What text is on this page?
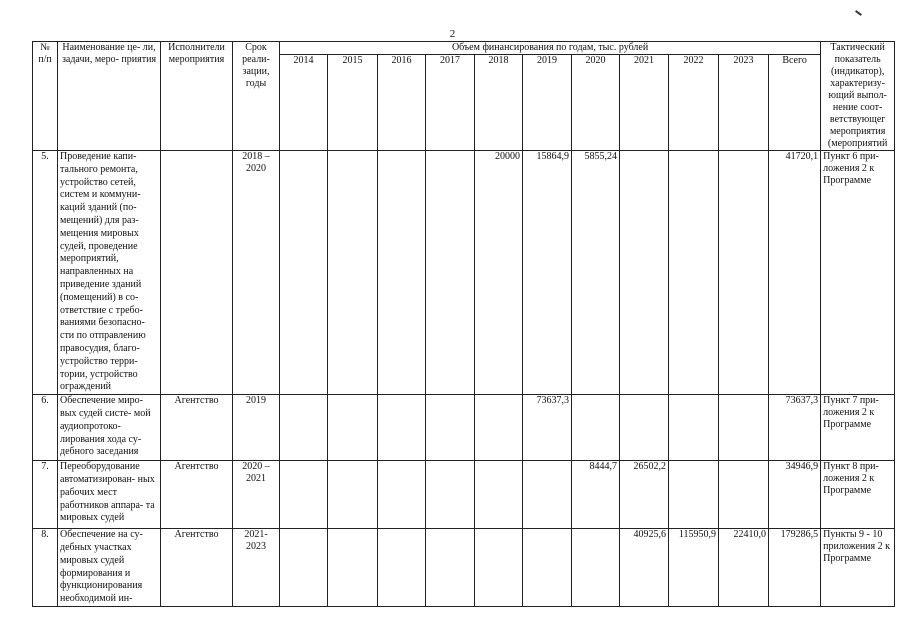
2
№ п/п	Наименование це- ли, задачи, меро- приятия	Исполнители мероприятия	Срок реали- зации, годы	Объем финансирования по годам, тыс. рублей											Тактический показатель (индикатор), характеризу- ющий выпол- нение соот- ветствующег мероприятия (мероприятий
				2014	2015	2016	2017	2018	2019	2020	2021	2022	2023	Всего	
5.	Проведение капи- тального ремонта, устройство сетей, систем и коммуни- каций зданий (по- мещений) для раз- мещения мировых судей, проведение мероприятий, направленных на приведение зданий (помещений) в со- ответствие с требо- ваниями безопасно- сти по отправлению правосудия, благо- устройство терри- тории, устройство ограждений		2018 – 2020					20000	15864,9	5855,24				41720,1	Пункт 6 при- ложения 2 к Программе
6.	Обеспечение миро- вых судей систе- мой аудиопротоко- лирования хода су- дебного заседания	Агентство	2019						73637,3					73637,3	Пункт 7 при- ложения 2 к Программе
7.	Переоборудование автоматизирован- ных рабочих мест работников аппара- та мировых судей	Агентство	2020 – 2021							8444,7	26502,2			34946,9	Пункт 8 при- ложения 2 к Программе
8.	Обеспечение на су- дебных участках мировых судей формирования и функционирования необходимой ин-	Агентство	2021- 2023								40925,6	115950,9	22410,0	179286,5	Пункты 9 - 10 приложения 2 к Программе
